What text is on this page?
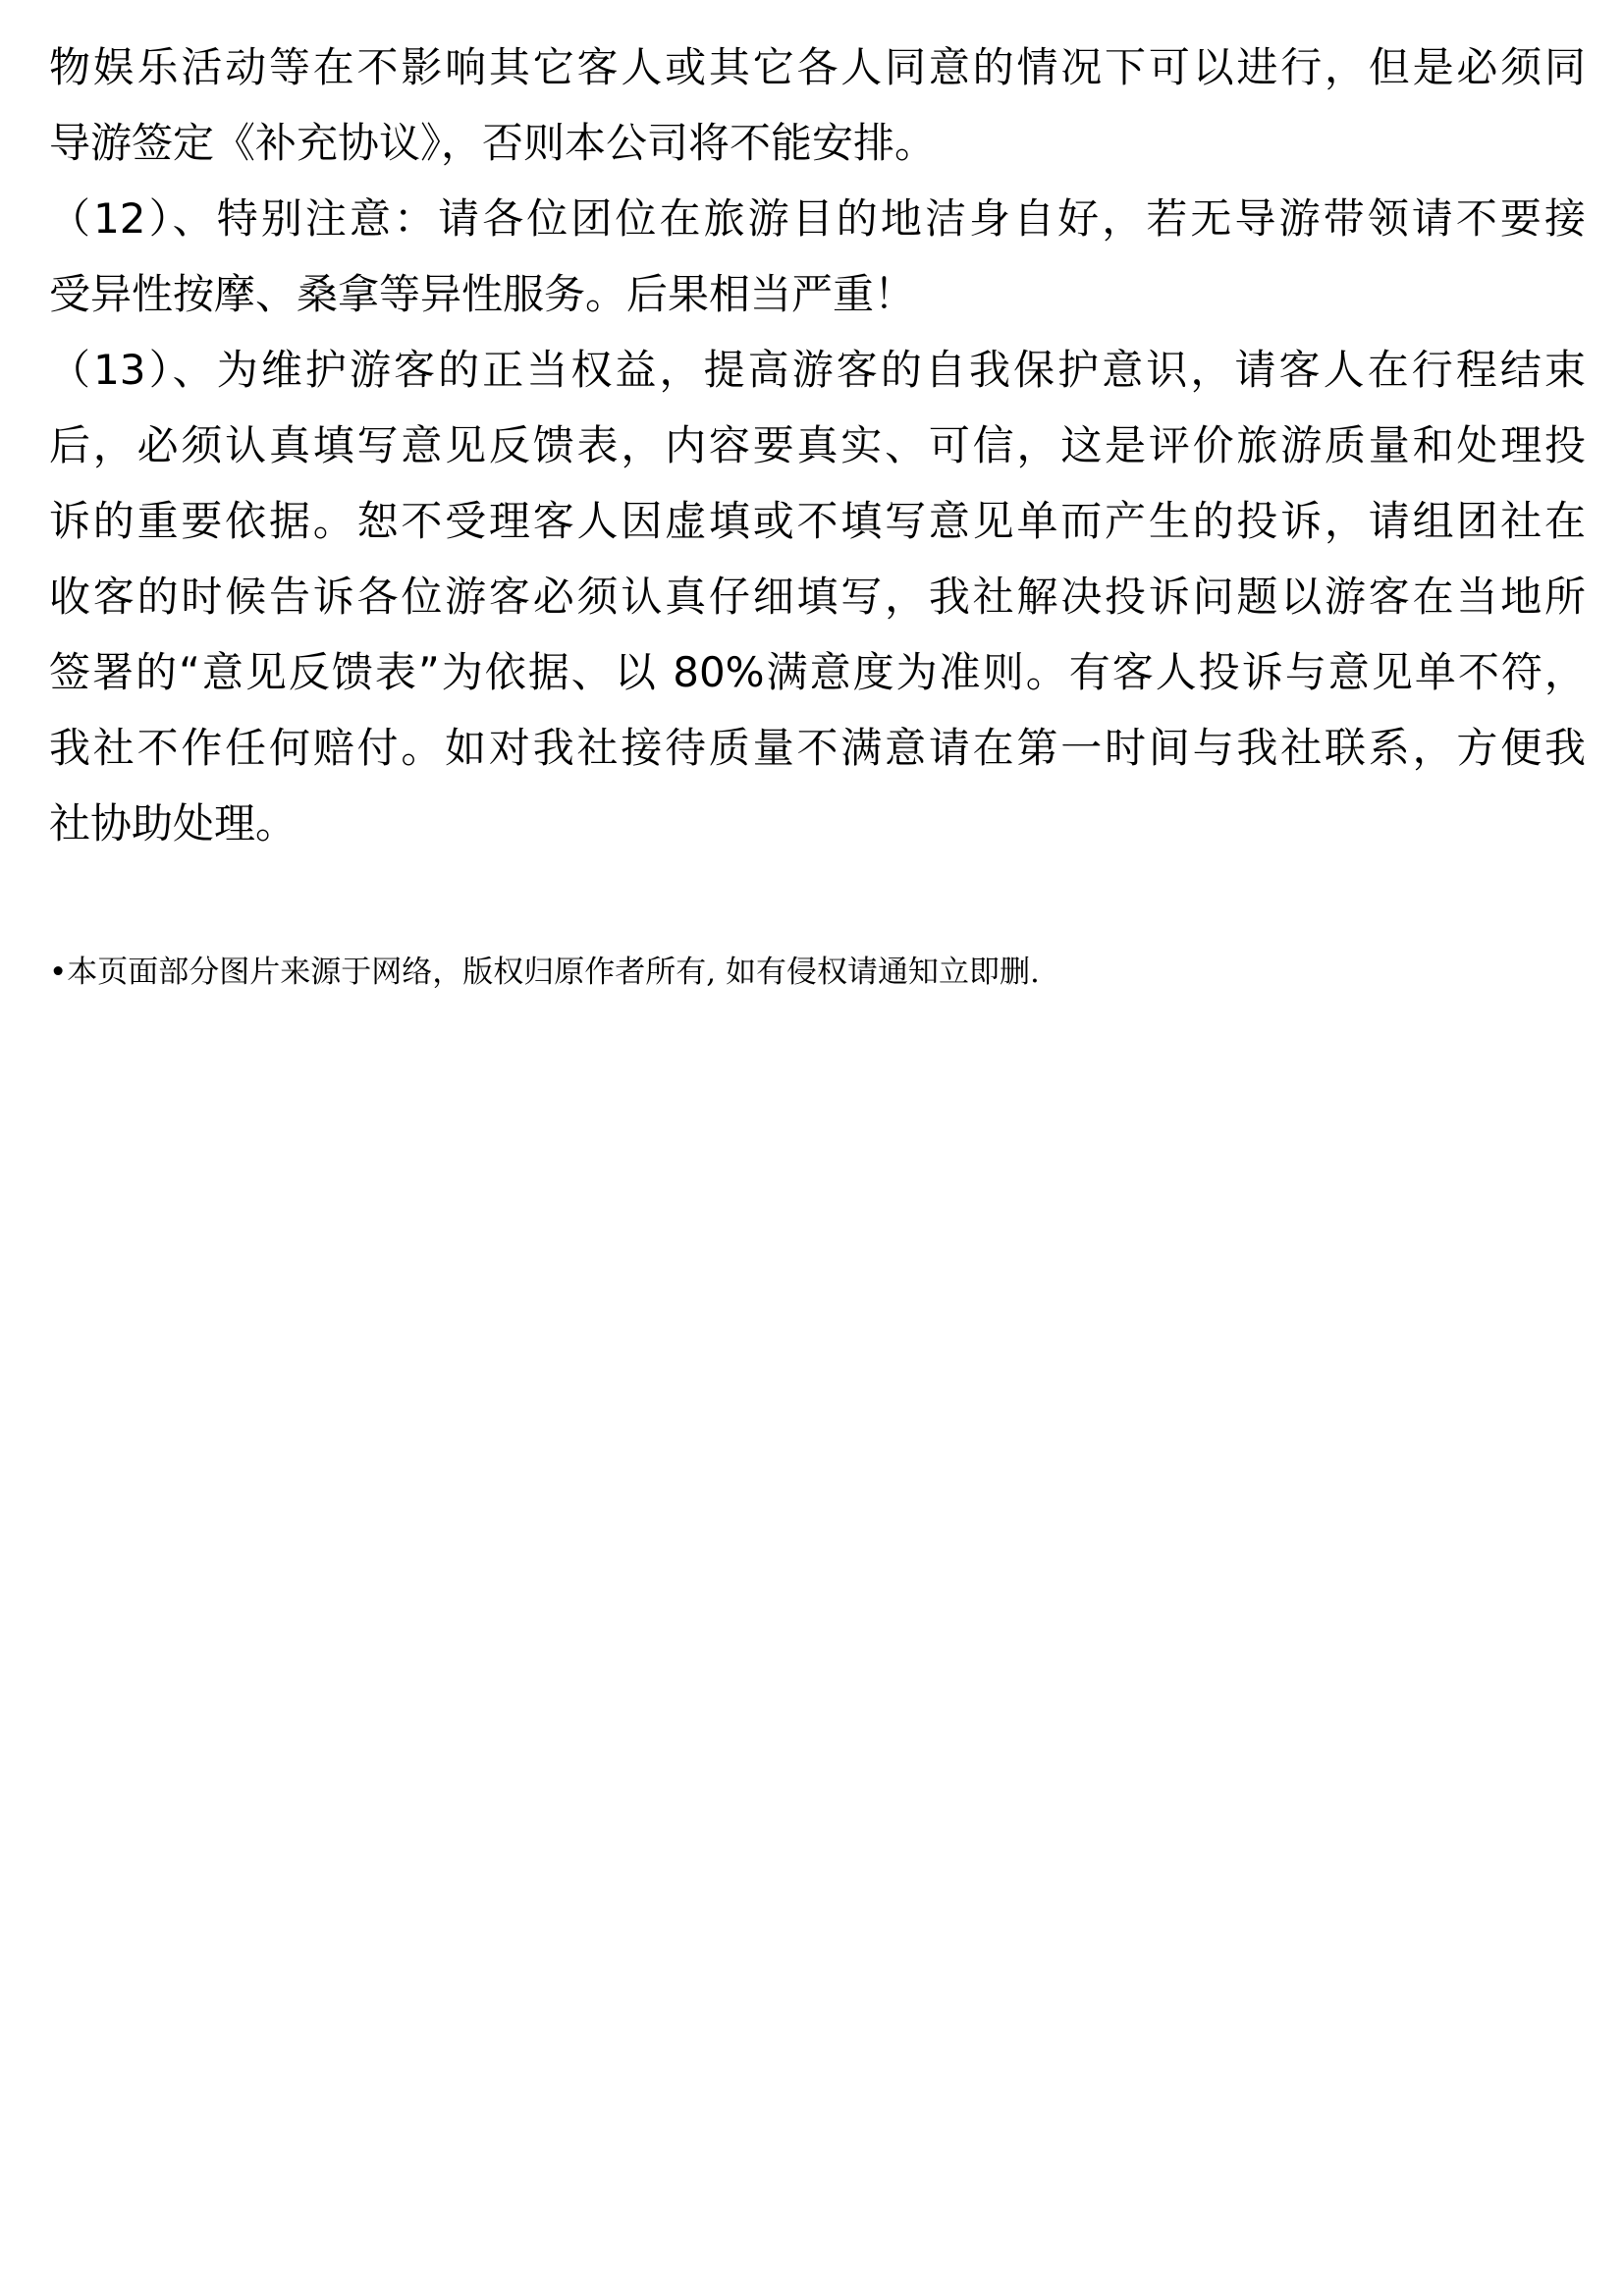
物娱乐活动等在不影响其它客人或其它各人同意的情况下可以进行，但是必须同
导游签定《补充协议》，否则本公司将不能安排。
（12）、特别注意：请各位团位在旅游目的地洁身自好，若无导游带领请不要接
受异性按摩、桑拿等异性服务。后果相当严重！
（13）、为维护游客的正当权益，提高游客的自我保护意识，请客人在行程结束
后，必须认真填写意见反馈表，内容要真实、可信，这是评价旅游质量和处理投
诉的重要依据。恕不受理客人因虚填或不填写意见单而产生的投诉，请组团社在
收客的时候告诉各位游客必须认真仔细填写，我社解决投诉问题以游客在当地所
签署的“意见反馈表”为依据、以 80%满意度为准则。有客人投诉与意见单不符，
我社不作任何赔付。如对我社接待质量不满意请在第一时间与我社联系，方便我
社协助处理。
•本页面部分图片来源于网络，版权归原作者所有, 如有侵权请通知立即删.
